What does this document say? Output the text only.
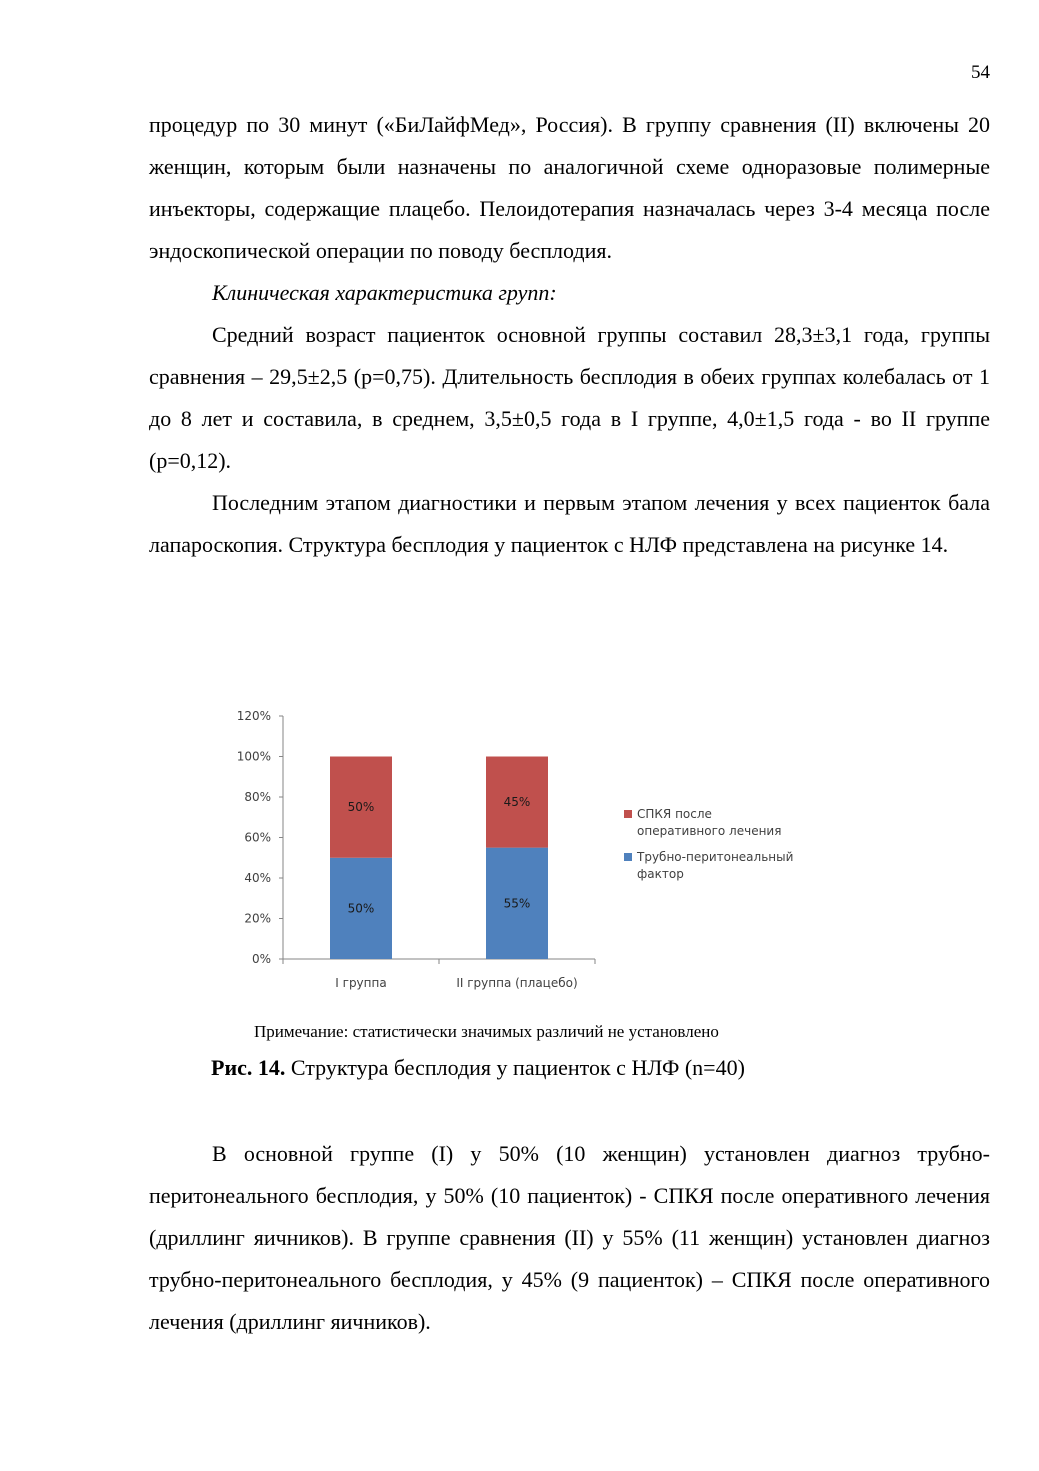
54

процедур по 30 минут («БиЛайфМед», Россия). В группу сравнения (II) включены 20 женщин, которым были назначены по аналогичной схеме одноразовые полимерные инъекторы, содержащие плацебо. Пелоидотерапия назначалась через 3-4 месяца после эндоскопической операции по поводу бесплодия.

Клиническая характеристика групп:

Средний возраст пациенток основной группы составил 28,3±3,1 года, группы сравнения – 29,5±2,5 (р=0,75). Длительность бесплодия в обеих группах колебалась от 1 до 8 лет и составила, в среднем, 3,5±0,5 года в I группе, 4,0±1,5 года - во II группе (р=0,12).

Последним этапом диагностики и первым этапом лечения у всех пациенток бала лапароскопия. Структура бесплодия у пациенток с НЛФ представлена на рисунке 14.

0%
20%
40%
60%
80%
100%
120%
50%
50%
I группа
55%
45%
II группа (плацебо)
СПКЯ после
оперативного лечения
Трубно-перитонеальный
фактор
Примечание: статистически значимых различий не установлено
Рис. 14. Структура бесплодия у пациенток с НЛФ (n=40)

В основной группе (I) у 50% (10 женщин) установлен диагноз трубно-перитонеального бесплодия, у 50% (10 пациенток) - СПКЯ после оперативного лечения (дриллинг яичников). В группе сравнения (II) у 55% (11 женщин) установлен диагноз трубно-перитонеального бесплодия, у 45% (9 пациенток) – СПКЯ после оперативного лечения (дриллинг яичников).
